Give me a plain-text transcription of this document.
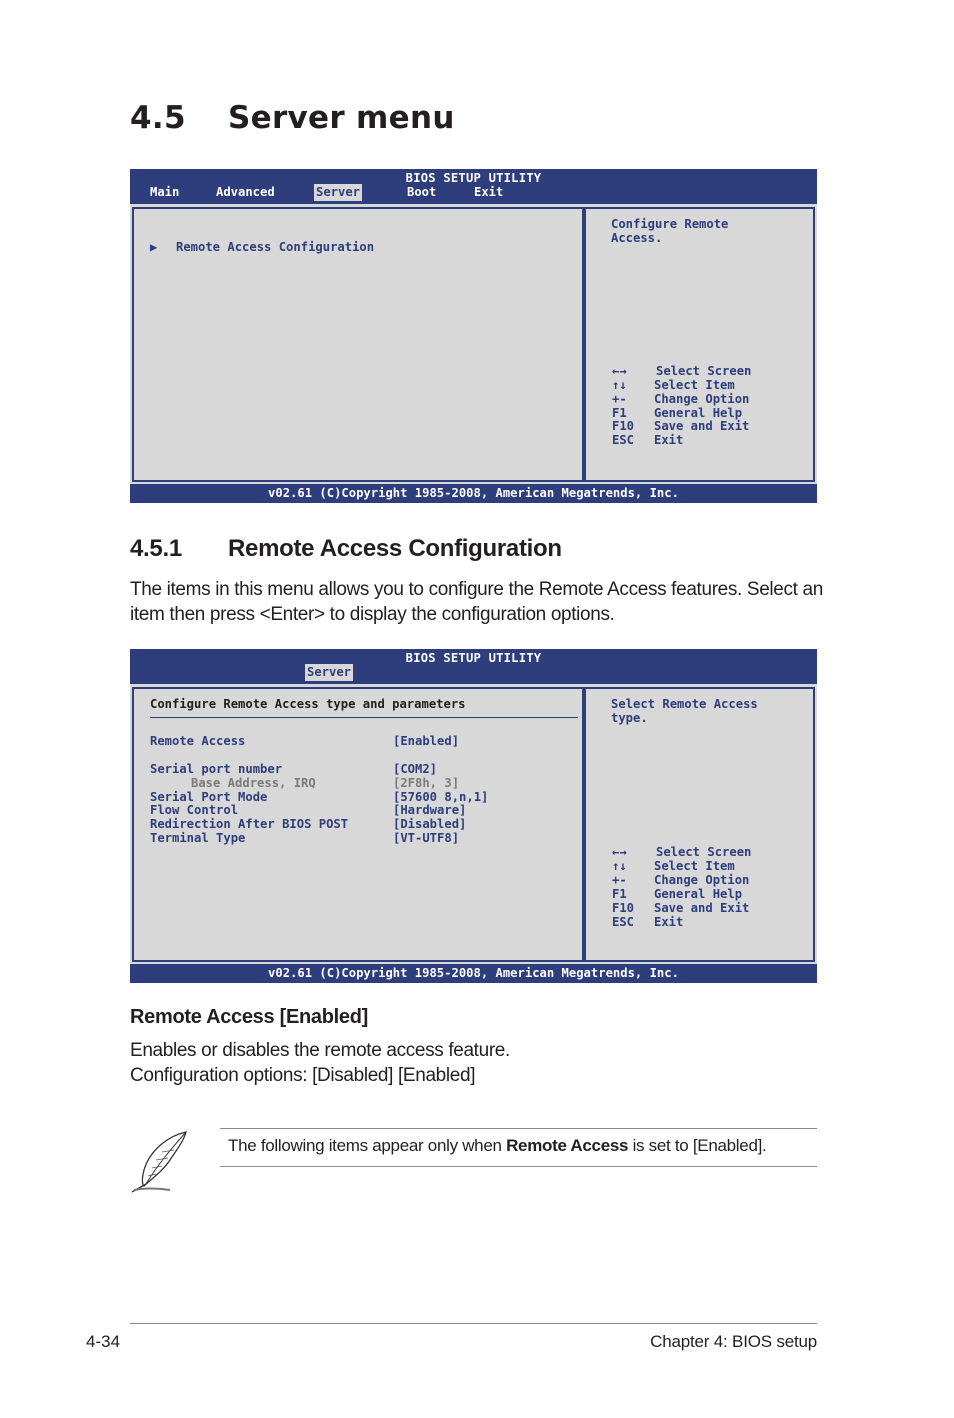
4.5 Server menu
BIOS SETUP UTILITY
Main	Advanced	Server	Boot	Exit
▶ Remote Access Configuration
Configure Remote
Access.
←→ Select Screen
↑↓ Select Item
+- Change Option
F1 General Help
F10 Save and Exit
ESC Exit
v02.61 (C)Copyright 1985-2008, American Megatrends, Inc.
4.5.1 Remote Access Configuration
The items in this menu allows you to configure the Remote Access features. Select an item then press <Enter> to display the configuration options.
BIOS SETUP UTILITY
Server
Configure Remote Access type and parameters
Remote Access	[Enabled]
Serial port number	[COM2]
Base Address, IRQ	[2F8h, 3]
Serial Port Mode	[57600 8,n,1]
Flow Control	[Hardware]
Redirection After BIOS POST	[Disabled]
Terminal Type	[VT-UTF8]
Select Remote Access
type.
←→ Select Screen
↑↓ Select Item
+- Change Option
F1 General Help
F10 Save and Exit
ESC Exit
v02.61 (C)Copyright 1985-2008, American Megatrends, Inc.
Remote Access [Enabled]
Enables or disables the remote access feature.
Configuration options: [Disabled] [Enabled]
The following items appear only when Remote Access is set to [Enabled].
4-34	Chapter 4: BIOS setup
